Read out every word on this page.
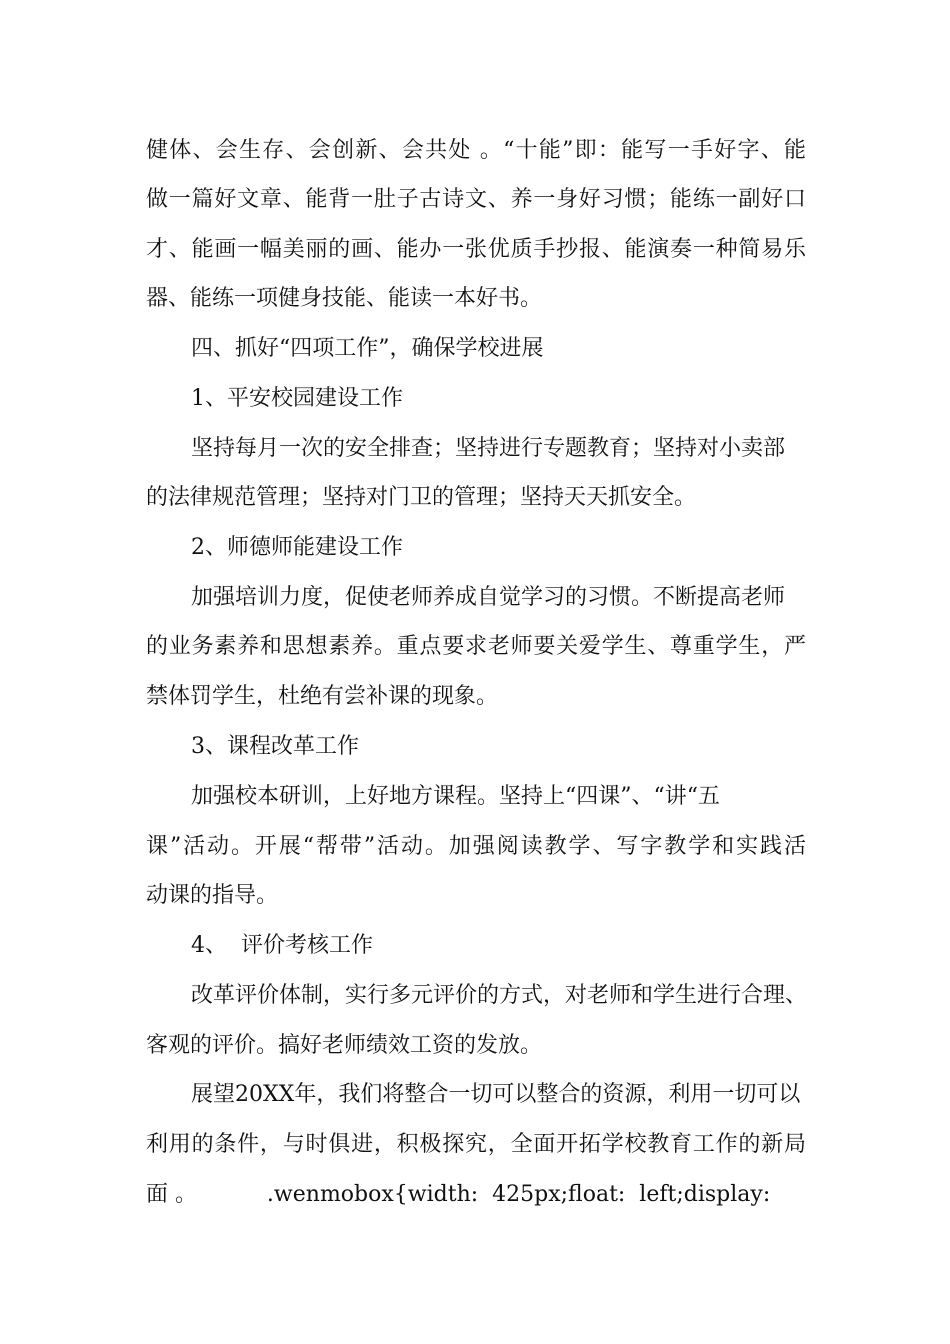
健体、会生存、会创新、会共处 。“十能”即：能写一手好字、能
做一篇好文章、能背一肚子古诗文、养一身好习惯；能练一副好口
才、能画一幅美丽的画、能办一张优质手抄报、能演奏一种简易乐
器、能练一项健身技能、能读一本好书。
四、抓好“四项工作”，确保学校进展
1、平安校园建设工作
坚持每月一次的安全排查；坚持进行专题教育；坚持对小卖部
的法律规范管理；坚持对门卫的管理；坚持天天抓安全。
2、师德师能建设工作
加强培训力度，促使老师养成自觉学习的习惯。不断提高老师
的业务素养和思想素养。重点要求老师要关爱学生、尊重学生，严
禁体罚学生，杜绝有尝补课的现象。
3、课程改革工作
加强校本研训，上好地方课程。坚持上“四课”、“讲“五
课”活动。开展“帮带”活动。加强阅读教学、写字教学和实践活
动课的指导。
4、  评价考核工作
改革评价体制，实行多元评价的方式，对老师和学生进行合理、
客观的评价。搞好老师绩效工资的发放。
展望20XX年，我们将整合一切可以整合的资源，利用一切可以
利用的条件，与时俱进，积极探究，全面开拓学校教育工作的新局
面 。          .wenmobox{width:  425px;float:  left;display:
